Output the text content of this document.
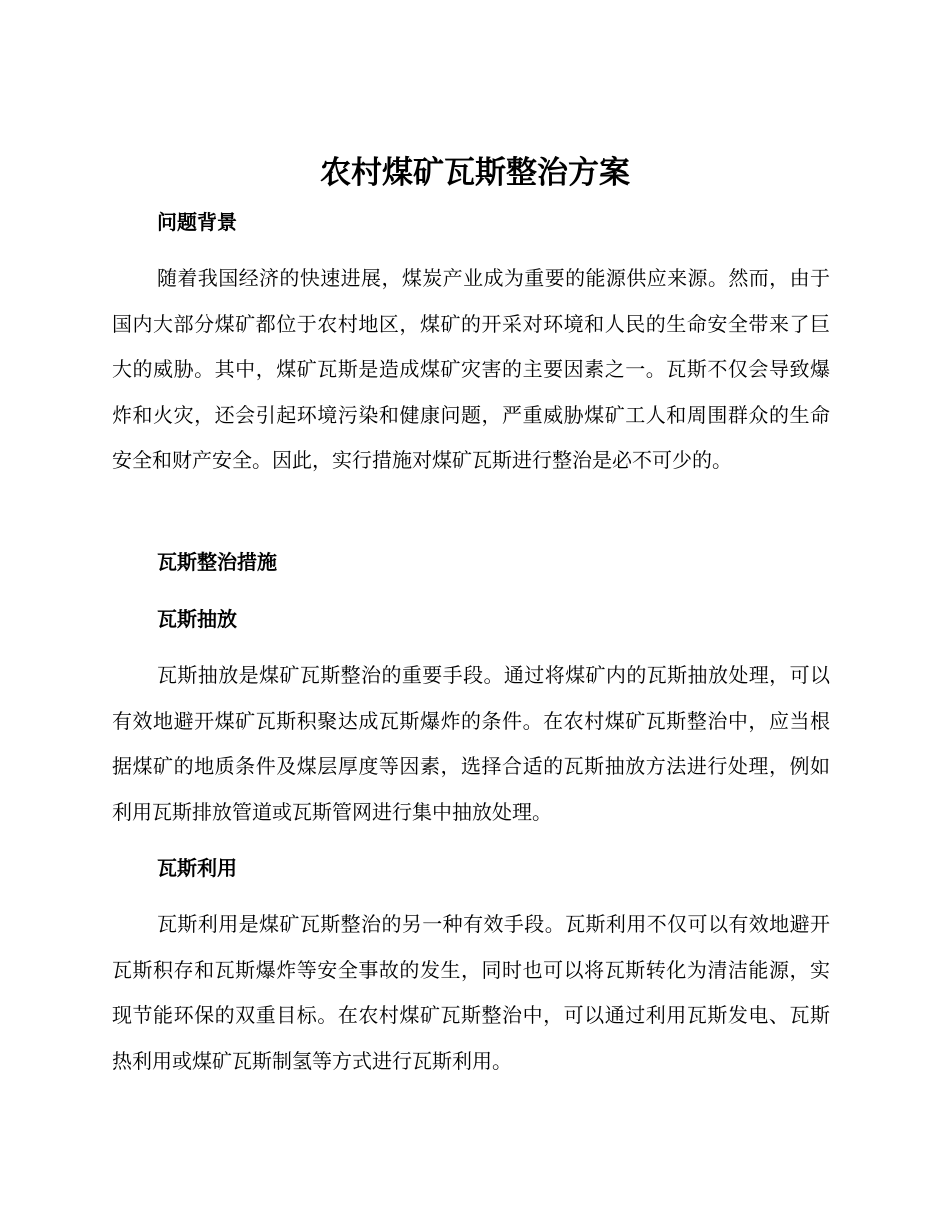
农村煤矿瓦斯整治方案
问题背景

随着我国经济的快速进展，煤炭产业成为重要的能源供应来源。然而，由于国内大部分煤矿都位于农村地区，煤矿的开采对环境和人民的生命安全带来了巨大的威胁。其中，煤矿瓦斯是造成煤矿灾害的主要因素之一。瓦斯不仅会导致爆炸和火灾，还会引起环境污染和健康问题，严重威胁煤矿工人和周围群众的生命安全和财产安全。因此，实行措施对煤矿瓦斯进行整治是必不可少的。

瓦斯整治措施
瓦斯抽放

瓦斯抽放是煤矿瓦斯整治的重要手段。通过将煤矿内的瓦斯抽放处理，可以有效地避开煤矿瓦斯积聚达成瓦斯爆炸的条件。在农村煤矿瓦斯整治中，应当根据煤矿的地质条件及煤层厚度等因素，选择合适的瓦斯抽放方法进行处理，例如利用瓦斯排放管道或瓦斯管网进行集中抽放处理。

瓦斯利用

瓦斯利用是煤矿瓦斯整治的另一种有效手段。瓦斯利用不仅可以有效地避开瓦斯积存和瓦斯爆炸等安全事故的发生，同时也可以将瓦斯转化为清洁能源，实现节能环保的双重目标。在农村煤矿瓦斯整治中，可以通过利用瓦斯发电、瓦斯热利用或煤矿瓦斯制氢等方式进行瓦斯利用。
